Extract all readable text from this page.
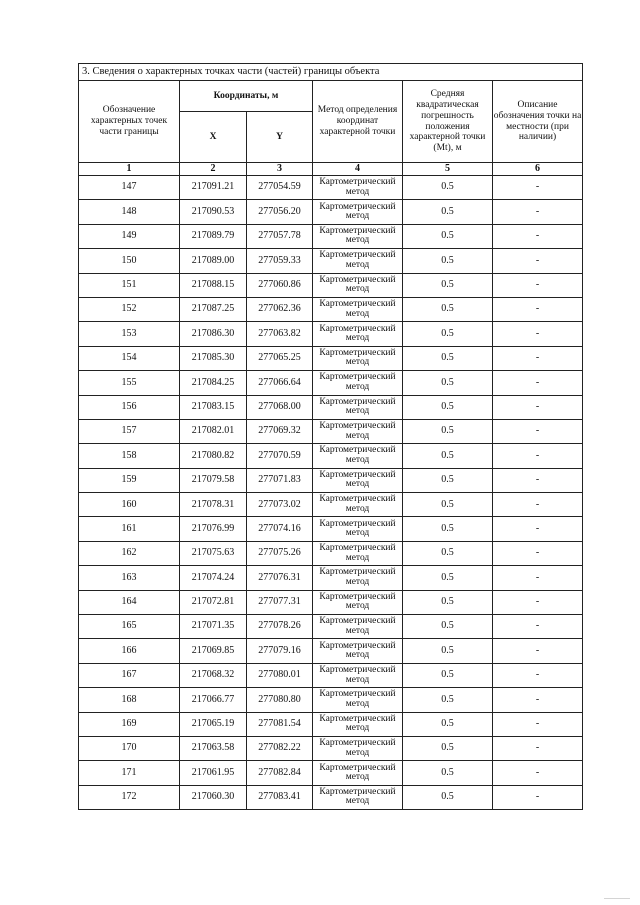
3. Сведения о характерных точках части (частей) границы объекта					
Обозначение характерных точек части границы	Координаты, м		Метод определения координат характерной точки	Средняя квадратическая погрешность положения характерной точки (Mt), м	Описание обозначения точки на местности (при наличии)
	X	Y			
1	2	3	4	5	6
147	217091.21	277054.59	Картометрический метод	0.5	-
148	217090.53	277056.20	Картометрический метод	0.5	-
149	217089.79	277057.78	Картометрический метод	0.5	-
150	217089.00	277059.33	Картометрический метод	0.5	-
151	217088.15	277060.86	Картометрический метод	0.5	-
152	217087.25	277062.36	Картометрический метод	0.5	-
153	217086.30	277063.82	Картометрический метод	0.5	-
154	217085.30	277065.25	Картометрический метод	0.5	-
155	217084.25	277066.64	Картометрический метод	0.5	-
156	217083.15	277068.00	Картометрический метод	0.5	-
157	217082.01	277069.32	Картометрический метод	0.5	-
158	217080.82	277070.59	Картометрический метод	0.5	-
159	217079.58	277071.83	Картометрический метод	0.5	-
160	217078.31	277073.02	Картометрический метод	0.5	-
161	217076.99	277074.16	Картометрический метод	0.5	-
162	217075.63	277075.26	Картометрический метод	0.5	-
163	217074.24	277076.31	Картометрический метод	0.5	-
164	217072.81	277077.31	Картометрический метод	0.5	-
165	217071.35	277078.26	Картометрический метод	0.5	-
166	217069.85	277079.16	Картометрический метод	0.5	-
167	217068.32	277080.01	Картометрический метод	0.5	-
168	217066.77	277080.80	Картометрический метод	0.5	-
169	217065.19	277081.54	Картометрический метод	0.5	-
170	217063.58	277082.22	Картометрический метод	0.5	-
171	217061.95	277082.84	Картометрический метод	0.5	-
172	217060.30	277083.41	Картометрический метод	0.5	-
